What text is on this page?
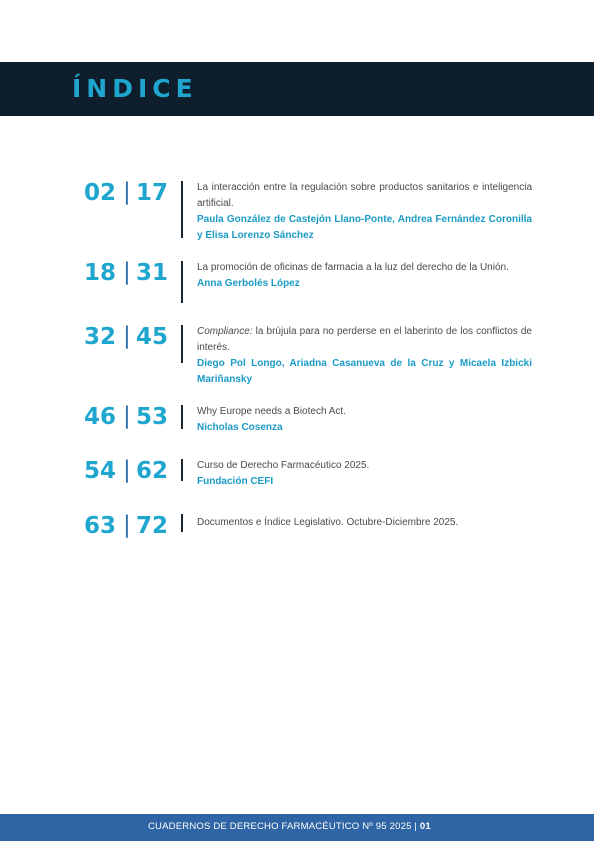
ÍNDICE
02 | 17	La interacción entre la regulación sobre productos sanitarios e inteligencia artificial.
Paula González de Castejón Llano-Ponte, Andrea Fernández Coronilla y Elisa Lorenzo Sánchez
18 | 31	La promoción de oficinas de farmacia a la luz del derecho de la Unión.
Anna Gerbolés López
32 | 45	Compliance: la brújula para no perderse en el laberinto de los conflictos de interés.
Diego Pol Longo, Ariadna Casanueva de la Cruz y Micaela Izbicki Mariñansky
46 | 53	Why Europe needs a Biotech Act.
Nicholas Cosenza
54 | 62	Curso de Derecho Farmacéutico 2025.
Fundación CEFI
63 | 72	Documentos e Índice Legislativo. Octubre-Diciembre 2025.
CUADERNOS DE DERECHO FARMACÉUTICO Nº 95 2025 | 01
